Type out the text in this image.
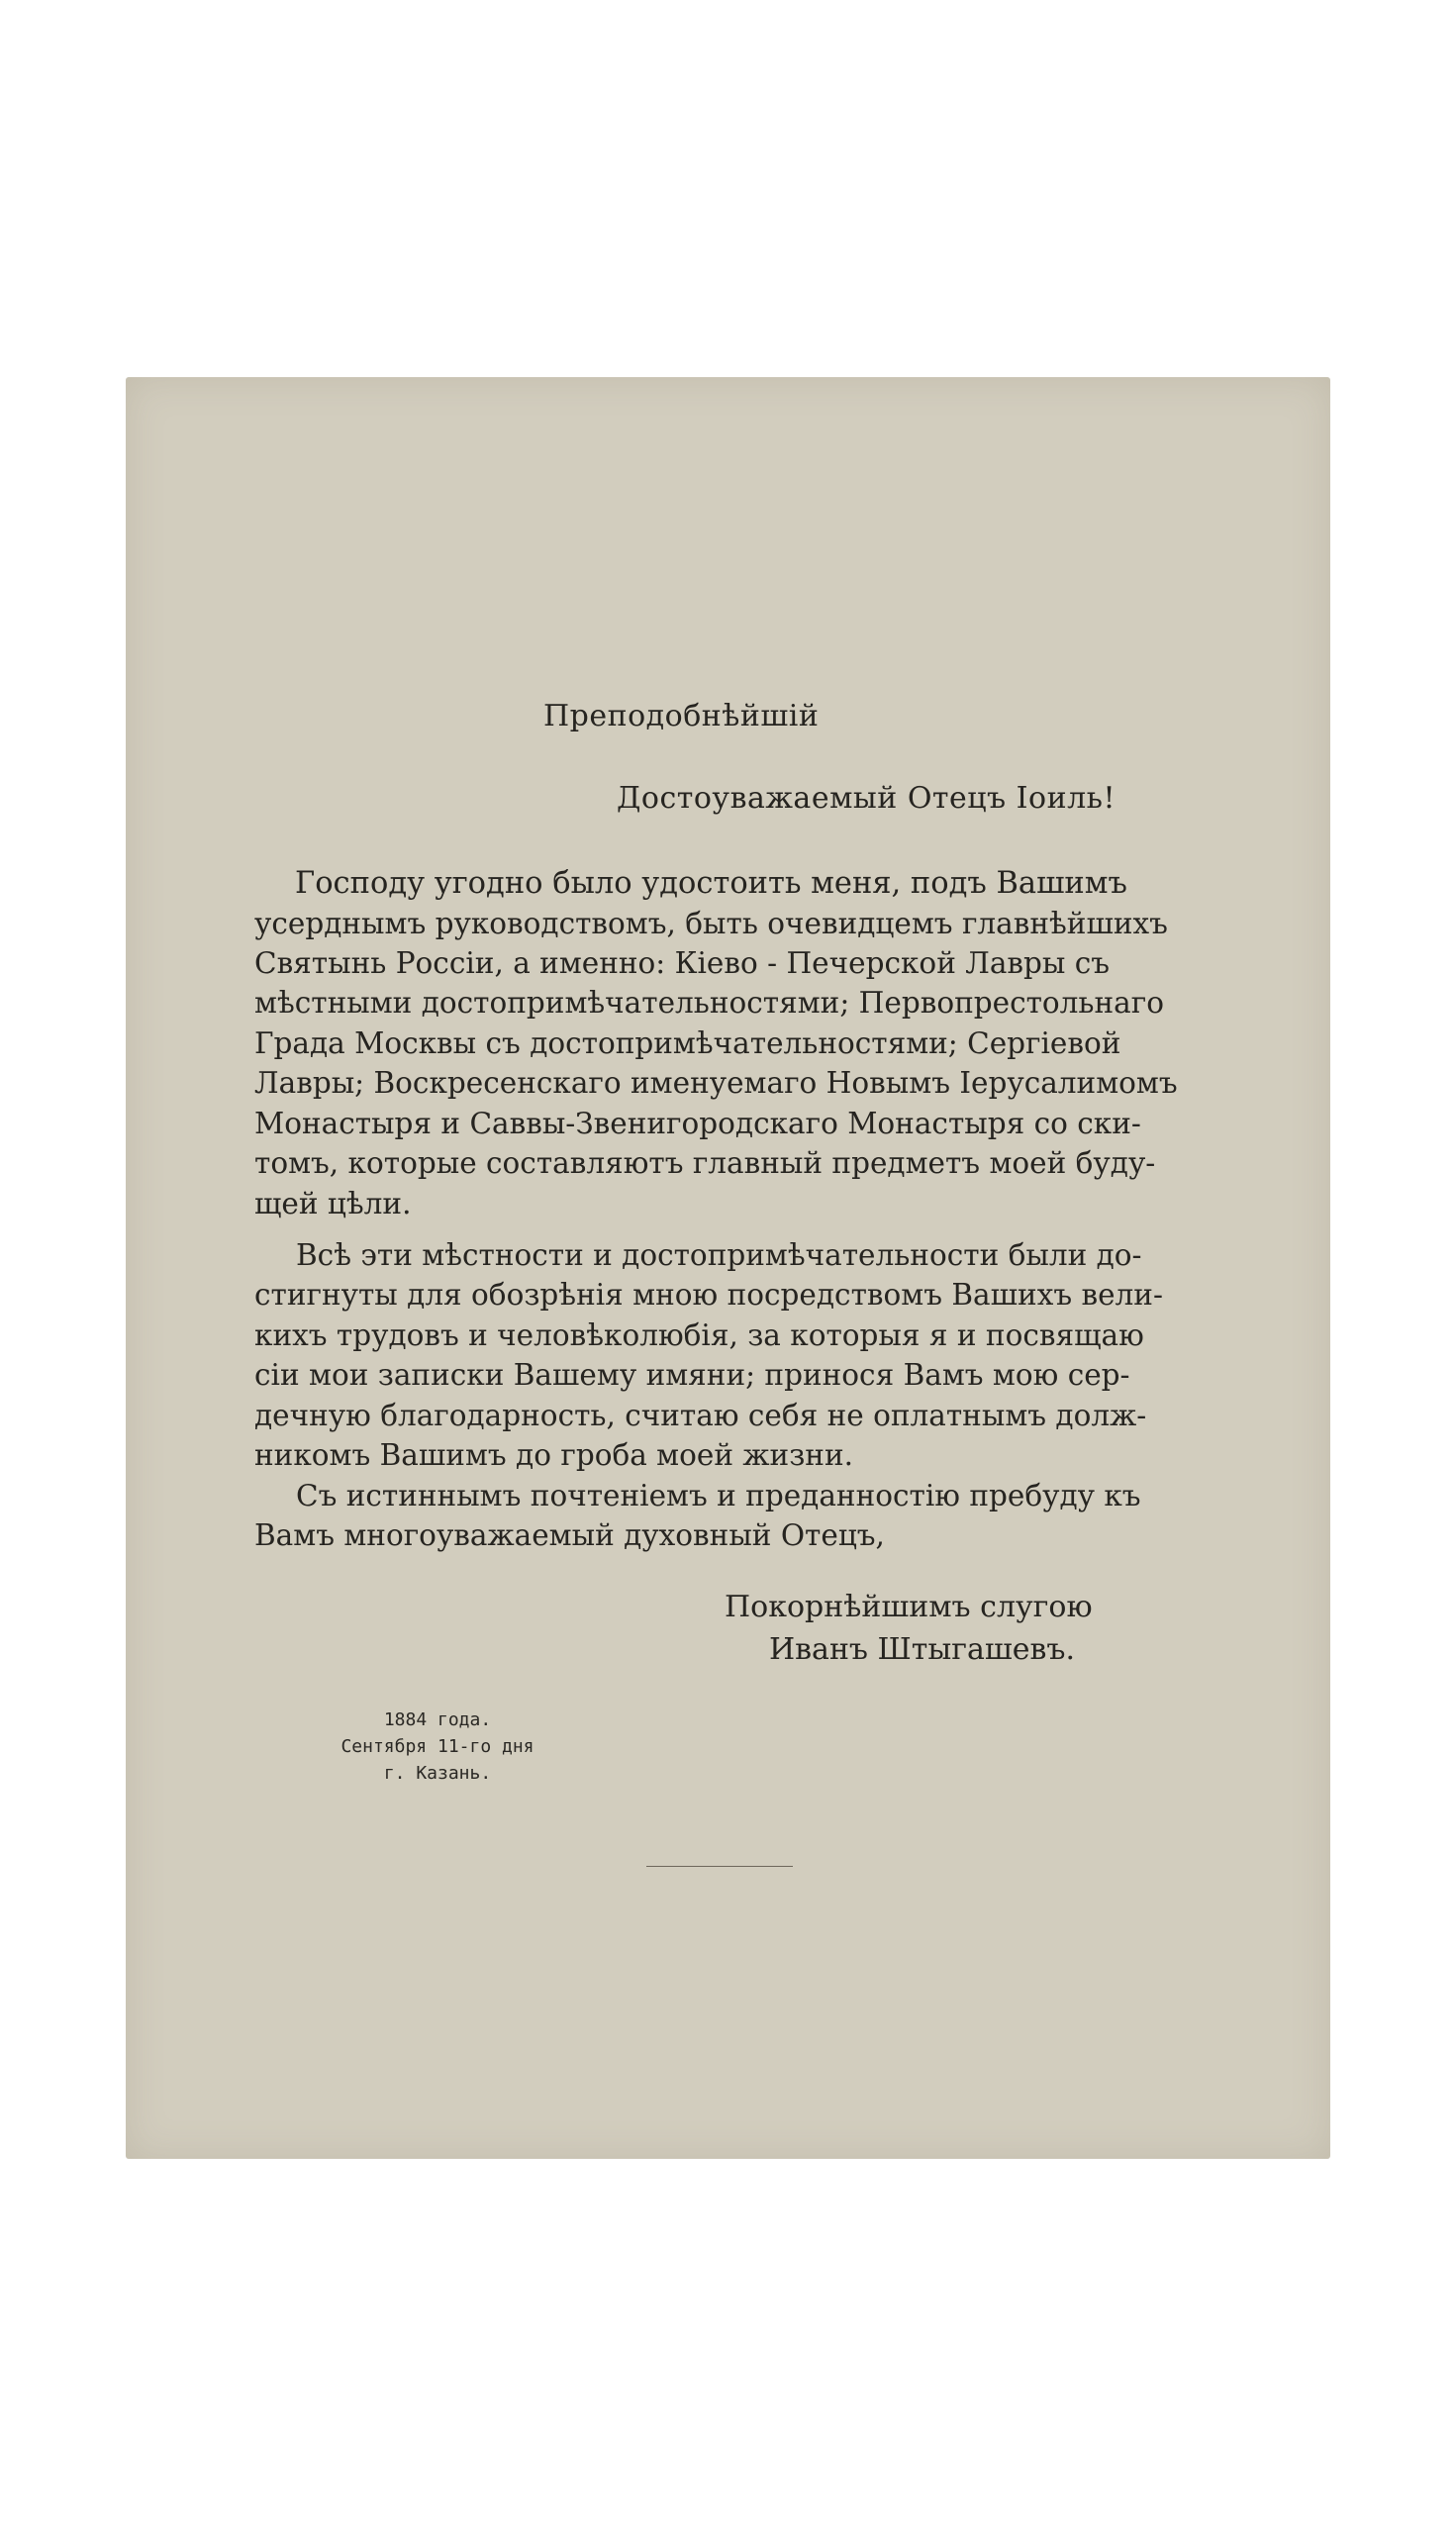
Преподобнѣйшій
Достоуважаемый Отецъ Іоиль!
Господу угодно было удостоить меня, подъ Вашимъ
усерднымъ руководствомъ, быть очевидцемъ главнѣйшихъ
Святынь Россіи, а именно: Кіево - Печерской Лавры съ
мѣстными достопримѣчательностями; Первопрестольнаго
Града Москвы съ достопримѣчательностями; Сергіевой
Лавры; Воскресенскаго именуемаго Новымъ Іерусалимомъ
Монастыря и Саввы-Звенигородскаго Монастыря со ски-
томъ, которые составляютъ главный предметъ моей буду-
щей цѣли.
Всѣ эти мѣстности и достопримѣчательности были до-
стигнуты для обозрѣнія мною посредствомъ Вашихъ вели-
кихъ трудовъ и человѣколюбія, за которыя я и посвящаю
сіи мои записки Вашему имяни; принося Вамъ мою сер-
дечную благодарность, считаю себя не оплатнымъ долж-
никомъ Вашимъ до гроба моей жизни.
Съ истиннымъ почтеніемъ и преданностію пребуду къ
Вамъ многоуважаемый духовный Отецъ,
Покорнѣйшимъ слугою
Иванъ Штыгашевъ.
1884 года.
Сентября 11-го дня
г. Казань.
